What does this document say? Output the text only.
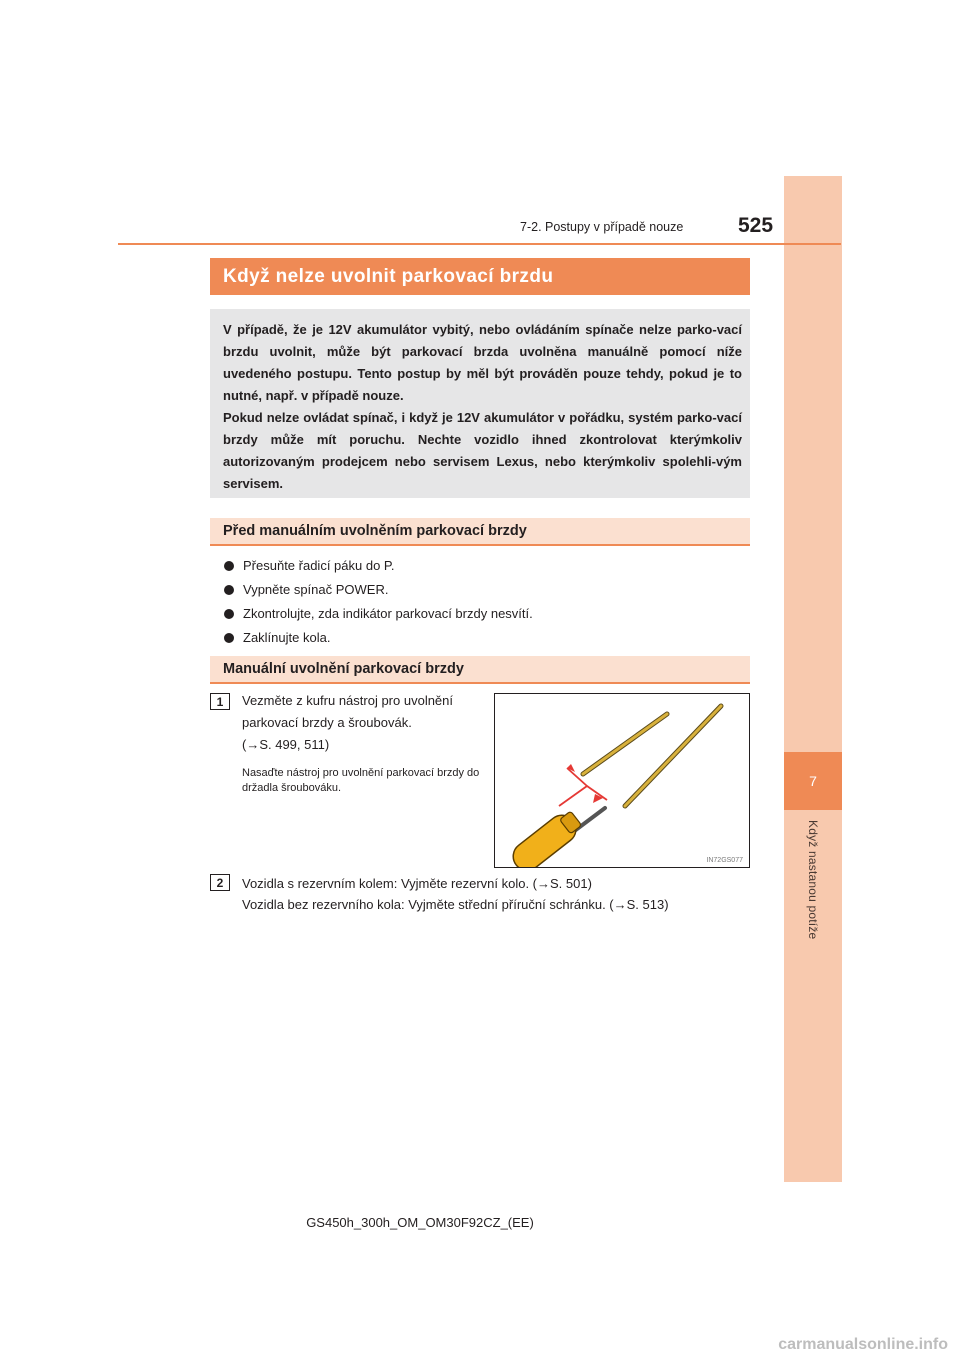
7
Když nastanou potíže
7-2. Postupy v případě nouze	525
Když nelze uvolnit parkovací brzdu

V případě, že je 12V akumulátor vybitý, nebo ovládáním spínače nelze parko-vací brzdu uvolnit, může být parkovací brzda uvolněna manuálně pomocí níže uvedeného postupu. Tento postup by měl být prováděn pouze tehdy, pokud je to nutné, např. v případě nouze.

Pokud nelze ovládat spínač, i když je 12V akumulátor v pořádku, systém parko-vací brzdy může mít poruchu. Nechte vozidlo ihned zkontrolovat kterýmkoliv autorizovaným prodejcem nebo servisem Lexus, nebo kterýmkoliv spolehli-vým servisem.

Před manuálním uvolněním parkovací brzdy
Přesuňte řadicí páku do P.
Vypněte spínač POWER.
Zkontrolujte, zda indikátor parkovací brzdy nesvítí.
Zaklínujte kola.
Manuální uvolnění parkovací brzdy
1	Vezměte z kufru nástroj pro uvolnění
parkovací brzdy a šroubovák.
(→S. 499, 511)
Nasaďte nástroj pro uvolnění parkovací brzdy do držadla šroubováku.
IN72GS077
2	Vozidla s rezervním kolem: Vyjměte rezervní kolo. (→S. 501)
Vozidla bez rezervního kola: Vyjměte střední příruční schránku. (→S. 513)
GS450h_300h_OM_OM30F92CZ_(EE)
carmanualsonline.info
